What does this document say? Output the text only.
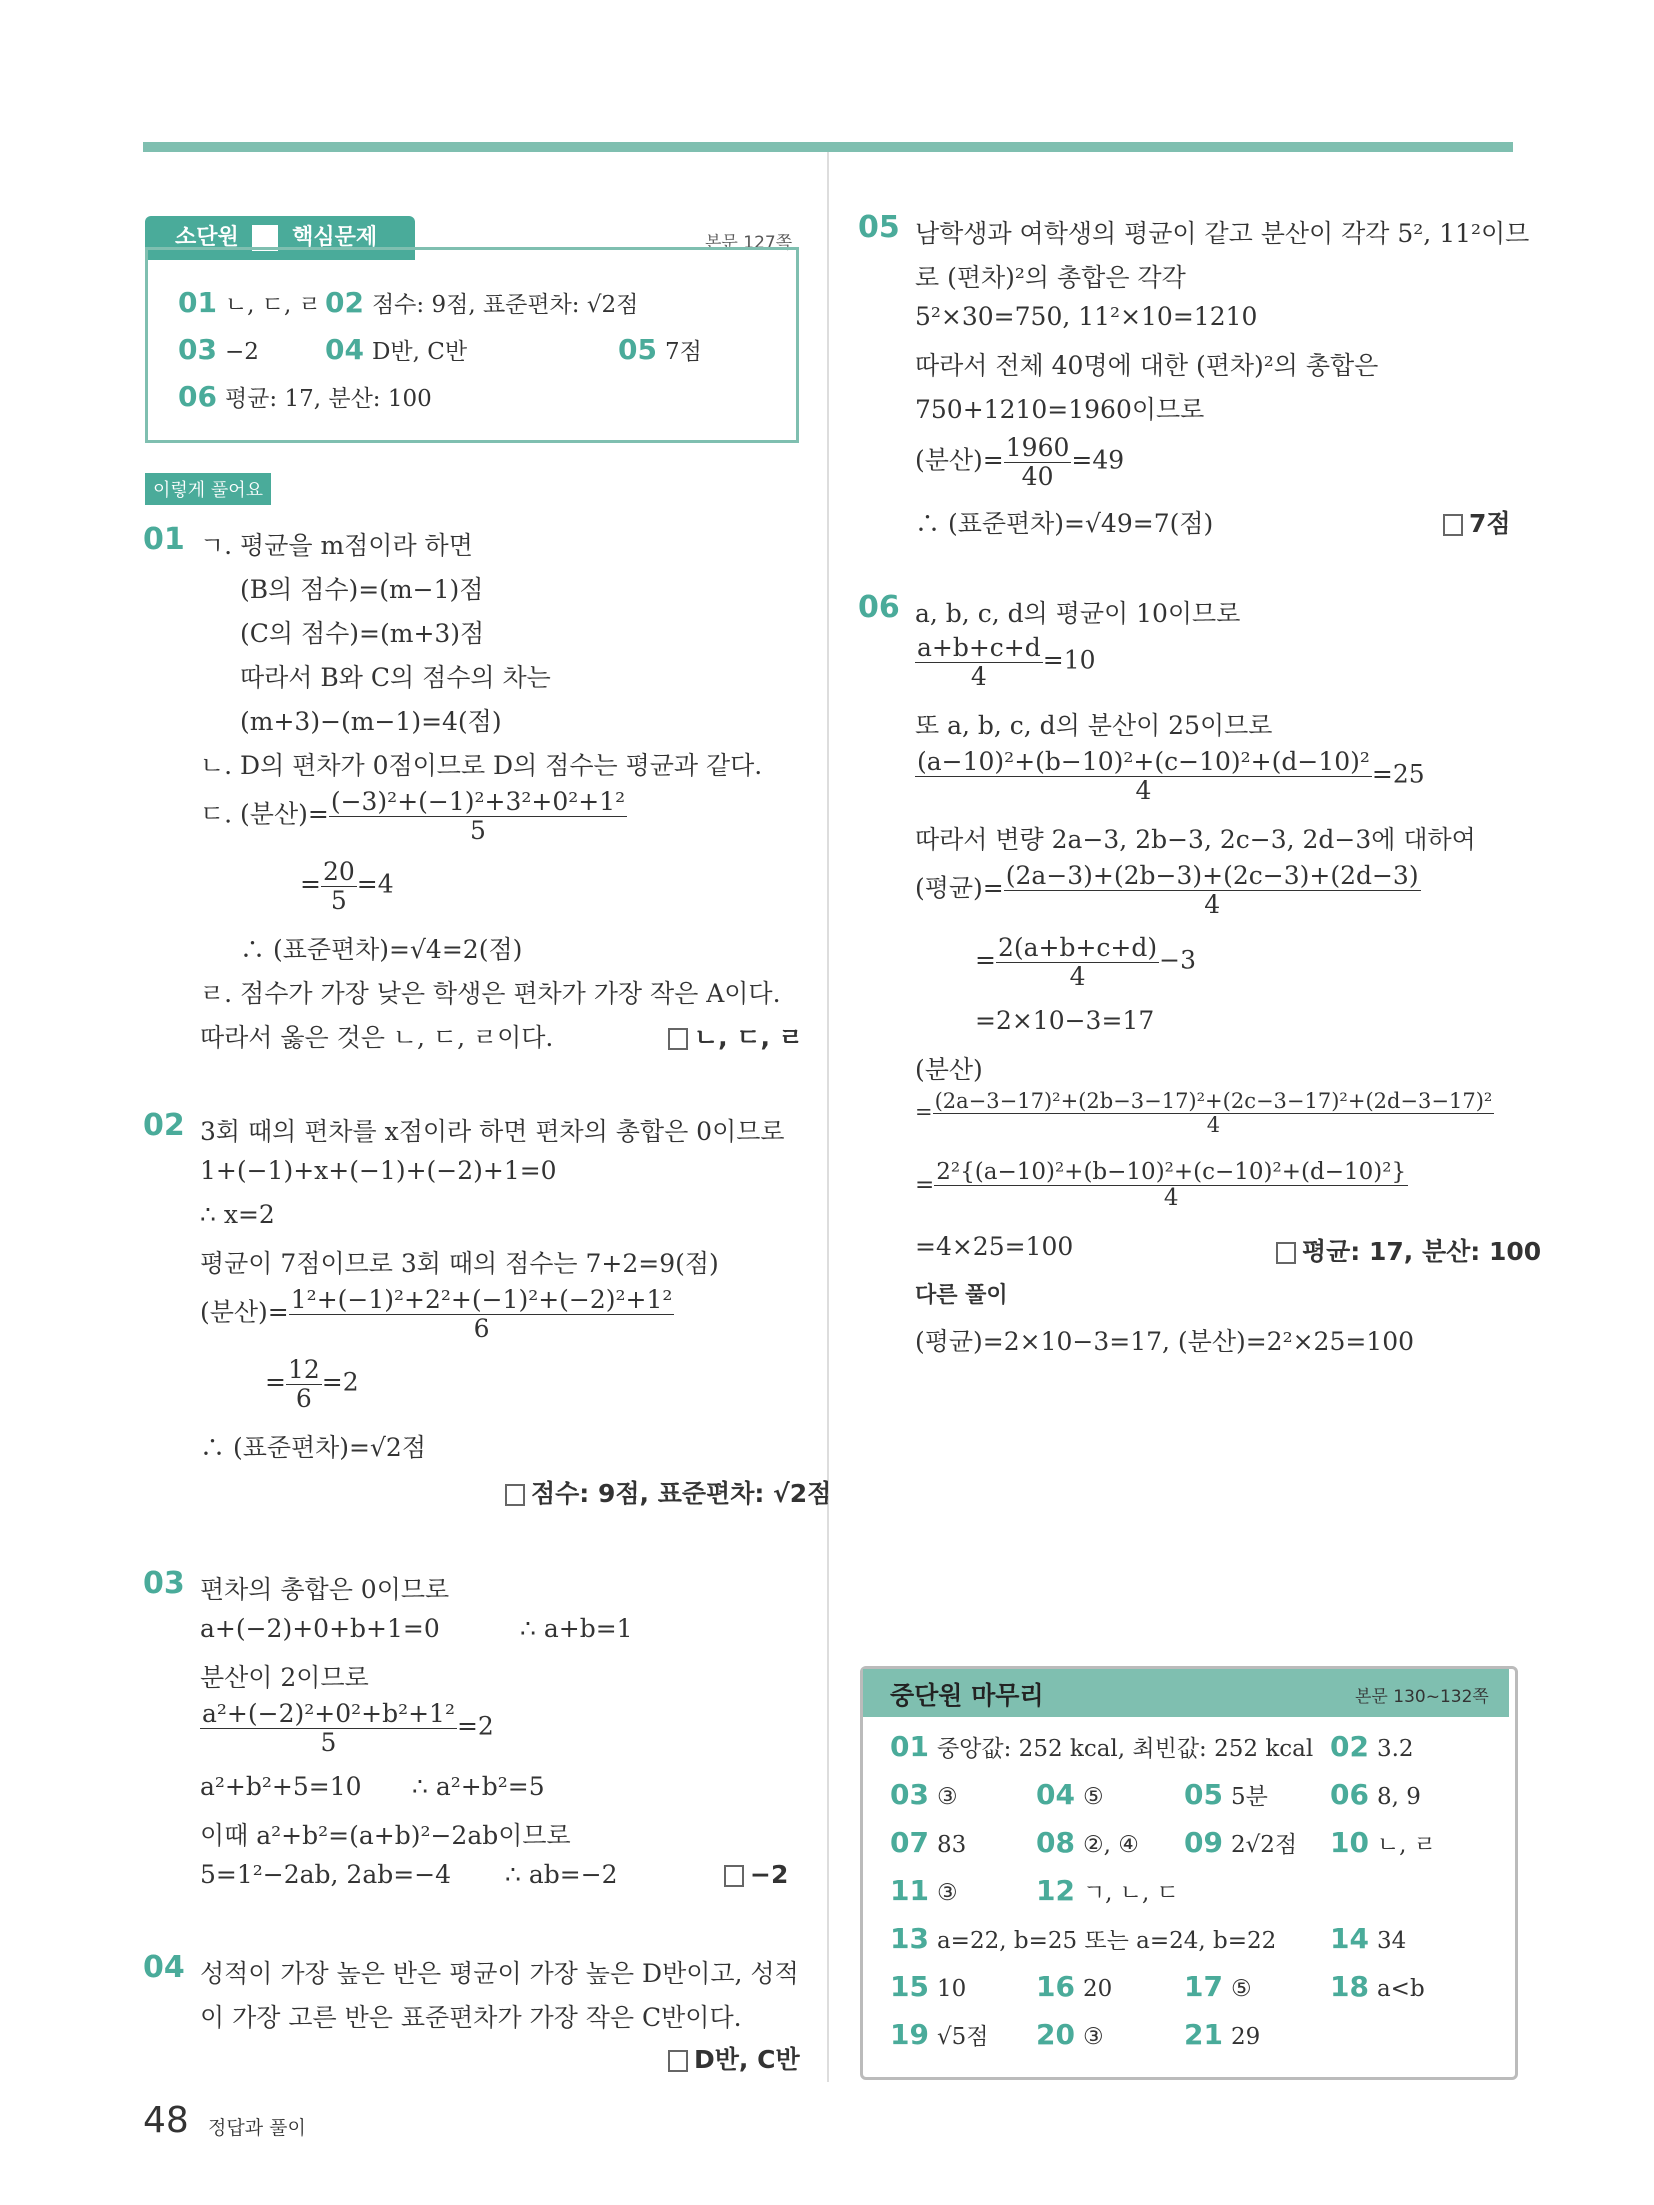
소단원 핵심문제	본문 127쪽
01 ㄴ, ㄷ, ㄹ 02 점수: 9점, 표준편차: √2점
03 −2 04 D반, C반	05 7점
06 평균: 17, 분산: 100
이렇게 풀어요
01 ㄱ. 평균을 m점이라 하면
(B의 점수)=(m−1)점
(C의 점수)=(m+3)점
따라서 B와 C의 점수의 차는
(m+3)−(m−1)=4(점)
ㄴ. D의 편차가 0점이므로 D의 점수는 평균과 같다.
ㄷ. (분산)= $\frac{\text{(−3)²+(−1)²+3²+0²+1²}}{5}$
= $\frac{20}{5} =4$
∴ (표준편차)=√4=2(점)
ㄹ. 점수가 가장 낮은 학생은 편차가 가장 작은 A이다.
따라서 옳은 것은 ㄴ, ㄷ, ㄹ이다.	ㄴ, ㄷ, ㄹ
02 3회 때의 편차를 x점이라 하면 편차의 총합은 0이므로
1+(−1)+x+(−1)+(−2)+1=0
∴ x=2
평균이 7점이므로 3회 때의 점수는 7+2=9(점)
(분산)= $\frac{\text{1²+(−1)²+2²+(−1)²+(−2)²+1²}}{6}$
= $\frac{12}{6} =2$
∴ (표준편차)=√2점
점수: 9점, 표준편차: √2점
03 편차의 총합은 0이므로
a+(−2)+0+b+1=0	∴ a+b=1
분산이 2이므로
$\frac{\text{a²+(−2)²+0²+b²+1²}}{5} =2$
a²+b²+5=10 ∴ a²+b²=5
이때 a²+b²=(a+b)²−2ab이므로
5=1²−2ab, 2ab=−4 ∴ ab=−2	−2
04 성적이 가장 높은 반은 평균이 가장 높은 D반이고, 성적
이 가장 고른 반은 표준편차가 가장 작은 C반이다.
D반, C반
05 남학생과 여학생의 평균이 같고 분산이 각각 5², 11²이므
로 (편차)²의 총합은 각각
5²×30=750, 11²×10=1210
따라서 전체 40명에 대한 (편차)²의 총합은
750+1210=1960이므로
(분산)= $\frac{1960}{40} =49$
∴ (표준편차)=√49=7(점)	7점
06 a, b, c, d의 평균이 10이므로
$\frac{a+b+c+d}{4} =10$
또 a, b, c, d의 분산이 25이므로
$\frac{\text{(a−10)²+(b−10)²+(c−10)²+(d−10)²}}{4} =25$
따라서 변량 2a−3, 2b−3, 2c−3, 2d−3에 대하여
(평균)= $\frac{(2a-3)+(2b-3)+(2c-3)+(2d-3)}{4}$
= $\frac{2(a+b+c+d)}{4} -3$
=2×10−3=17
(분산)
= $\frac{\text{(2a−3−17)²+(2b−3−17)²+(2c−3−17)²+(2d−3−17)²}}{4}$
= $\frac{\text{2²\{(a−10)²+(b−10)²+(c−10)²+(d−10)²\}}}{4}$
=4×25=100	평균: 17, 분산: 100
다른 풀이
(평균)=2×10−3=17, (분산)=2²×25=100
중단원 마무리	본문 130~132쪽
01 중앙값: 252 kcal, 최빈값: 252 kcal 02 3.2
03 ③	04 ⑤	05 5분 06 8, 9
07 83 08 ②, ④ 09 2√2점 10 ㄴ, ㄹ
11 ③	12 ㄱ, ㄴ, ㄷ
13 a=22, b=25 또는 a=24, b=22 14 34
15 10 16 20	17 ⑤	18 a<b
19 √5점 20 ③	21 29
48 정답과 풀이
